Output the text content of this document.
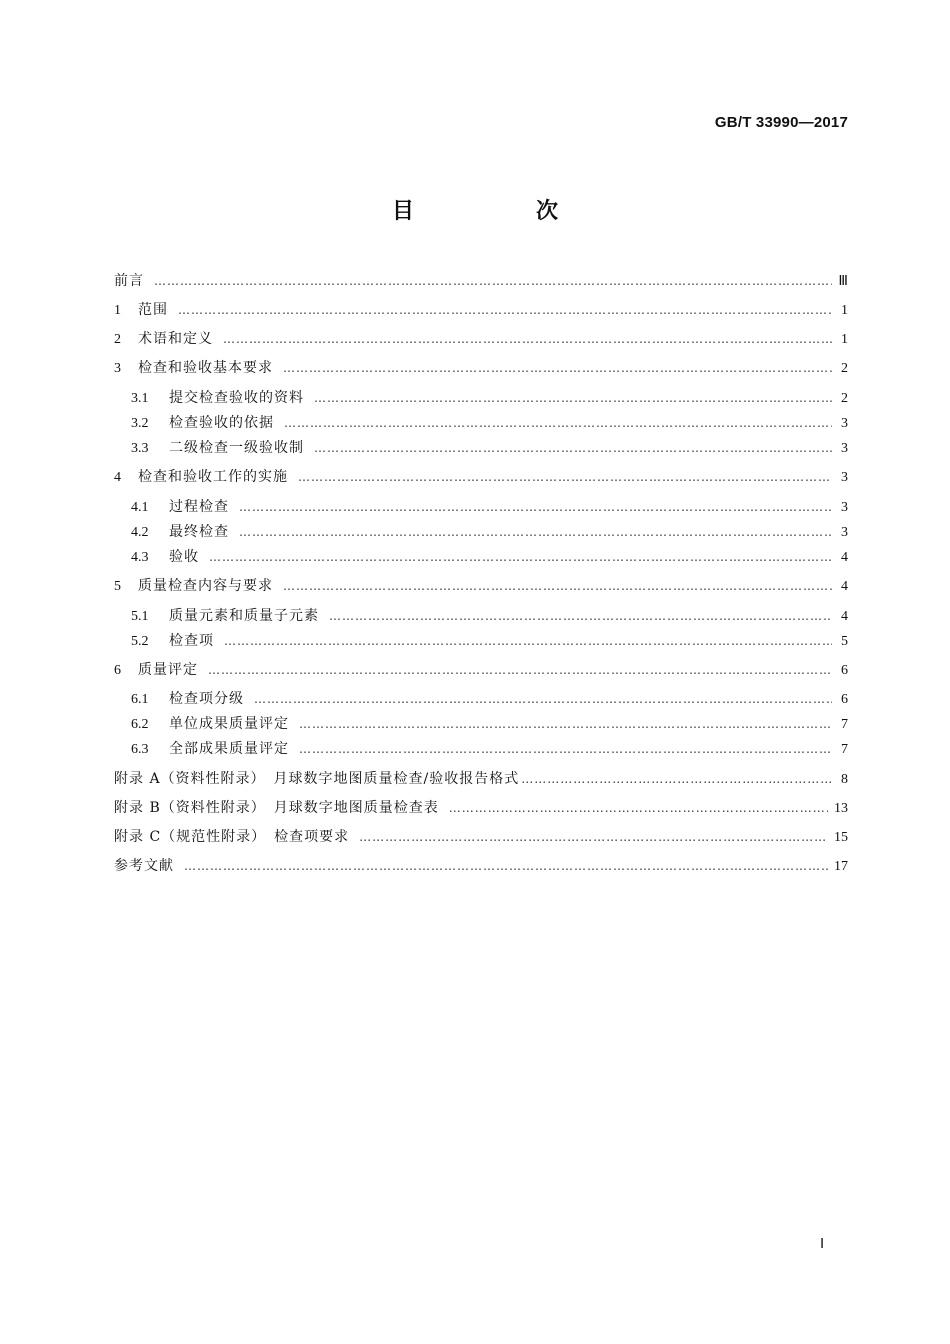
GB/T 33990—2017
目　次
前言 …………………………………………………………………………………………………………………………………………………………………………………………	Ⅲ
1	范围 …………………………………………………………………………………………………………………………………………………………………………………………	1
2	术语和定义 …………………………………………………………………………………………………………………………………………………………………………………………	1
3	检查和验收基本要求 …………………………………………………………………………………………………………………………………………………………………………………………	2
3.1	提交检查验收的资料 …………………………………………………………………………………………………………………………………………………………………………………………	2
3.2	检查验收的依据 …………………………………………………………………………………………………………………………………………………………………………………………	3
3.3	二级检查一级验收制 …………………………………………………………………………………………………………………………………………………………………………………………	3
4	检查和验收工作的实施 …………………………………………………………………………………………………………………………………………………………………………………………	3
4.1	过程检查 …………………………………………………………………………………………………………………………………………………………………………………………	3
4.2	最终检查 …………………………………………………………………………………………………………………………………………………………………………………………	3
4.3	验收 …………………………………………………………………………………………………………………………………………………………………………………………	4
5	质量检查内容与要求 …………………………………………………………………………………………………………………………………………………………………………………………	4
5.1	质量元素和质量子元素 …………………………………………………………………………………………………………………………………………………………………………………………	4
5.2	检查项 …………………………………………………………………………………………………………………………………………………………………………………………	5
6	质量评定 …………………………………………………………………………………………………………………………………………………………………………………………	6
6.1	检查项分级 …………………………………………………………………………………………………………………………………………………………………………………………	6
6.2	单位成果质量评定 …………………………………………………………………………………………………………………………………………………………………………………………	7
6.3	全部成果质量评定 …………………………………………………………………………………………………………………………………………………………………………………………	7
附录 A（资料性附录）　月球数字地图质量检查/验收报告格式 …………………………………………………………………………………………………………………………………………………………………………………………	8
附录 B（资料性附录）　月球数字地图质量检查表 …………………………………………………………………………………………………………………………………………………………………………………………	13
附录 C（规范性附录）　检查项要求 …………………………………………………………………………………………………………………………………………………………………………………………	15
参考文献 …………………………………………………………………………………………………………………………………………………………………………………………	17
Ⅰ
